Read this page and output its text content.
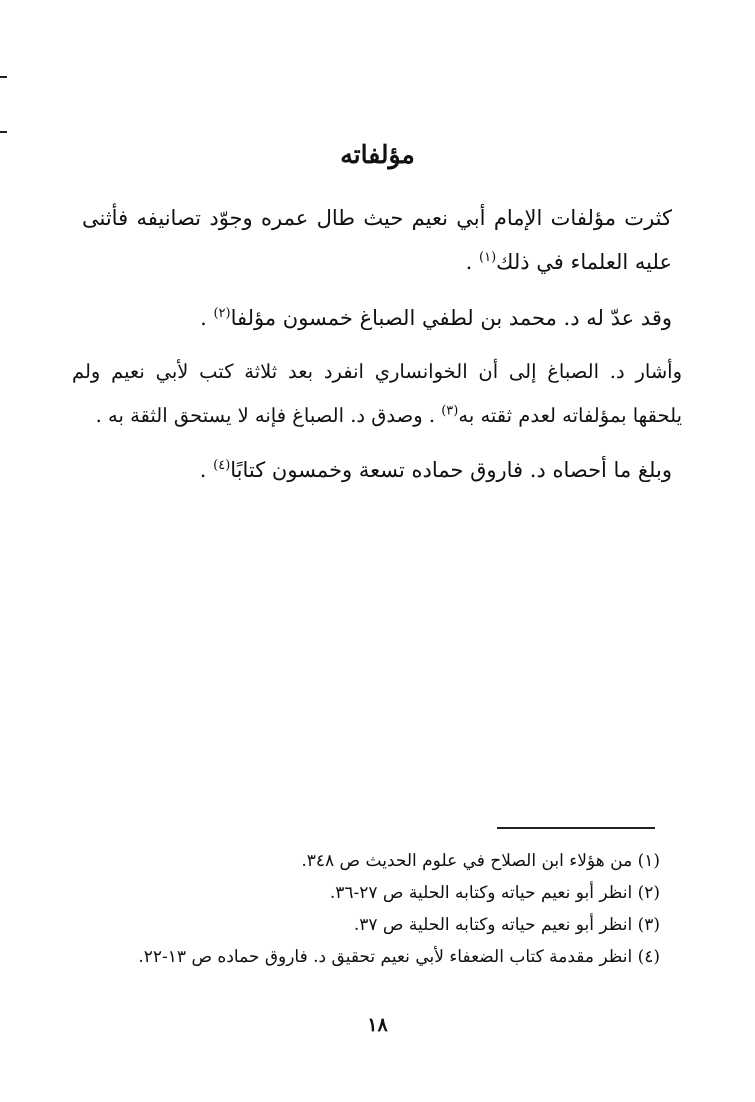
مؤلفاته
كثرت مؤلفات الإمام أبي نعيم حيث طال عمره وجوّد تصانيفه فأثنى عليه العلماء في ذلك$^{(١)}$ .
وقد عدّ له د. محمد بن لطفي الصباغ خمسون مؤلفا$^{(٢)}$ .
وأشار د. الصباغ إلى أن الخوانساري انفرد بعد ثلاثة كتب لأبي نعيم ولم يلحقها بمؤلفاته لعدم ثقته به$^{(٣)}$ . وصدق د. الصباغ فإنه لا يستحق الثقة به .
وبلغ ما أحصاه د. فاروق حماده تسعة وخمسون كتابًا$^{(٤)}$ .
(١) من هؤلاء ابن الصلاح في علوم الحديث ص ٣٤٨.
(٢) انظر أبو نعيم حياته وكتابه الحلية ص ٢٧-٣٦.
(٣) انظر أبو نعيم حياته وكتابه الحلية ص ٣٧.
(٤) انظر مقدمة كتاب الضعفاء لأبي نعيم تحقيق د. فاروق حماده ص ١٣-٢٢.
١٨
